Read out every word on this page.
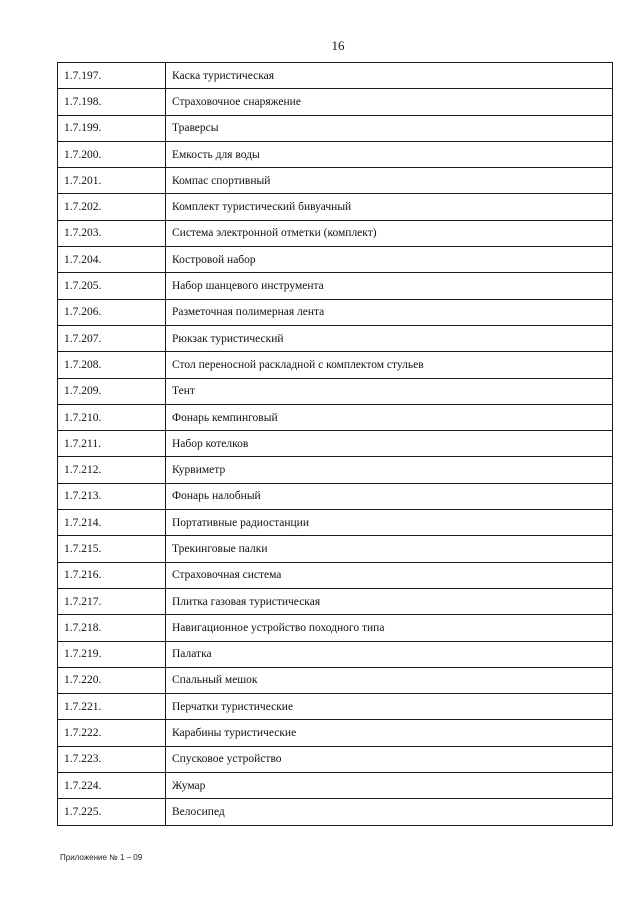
16
1.7.197.	Каска туристическая
1.7.198.	Страховочное снаряжение
1.7.199.	Траверсы
1.7.200.	Емкость для воды
1.7.201.	Компас спортивный
1.7.202.	Комплект туристический бивуачный
1.7.203.	Система электронной отметки (комплект)
1.7.204.	Костровой набор
1.7.205.	Набор шанцевого инструмента
1.7.206.	Разметочная полимерная лента
1.7.207.	Рюкзак туристический
1.7.208.	Стол переносной раскладной с комплектом стульев
1.7.209.	Тент
1.7.210.	Фонарь кемпинговый
1.7.211.	Набор котелков
1.7.212.	Курвиметр
1.7.213.	Фонарь налобный
1.7.214.	Портативные радиостанции
1.7.215.	Трекинговые палки
1.7.216.	Страховочная система
1.7.217.	Плитка газовая туристическая
1.7.218.	Навигационное устройство походного типа
1.7.219.	Палатка
1.7.220.	Спальный мешок
1.7.221.	Перчатки туристические
1.7.222.	Карабины туристические
1.7.223.	Спусковое устройство
1.7.224.	Жумар
1.7.225.	Велосипед
Приложение № 1 – 09
